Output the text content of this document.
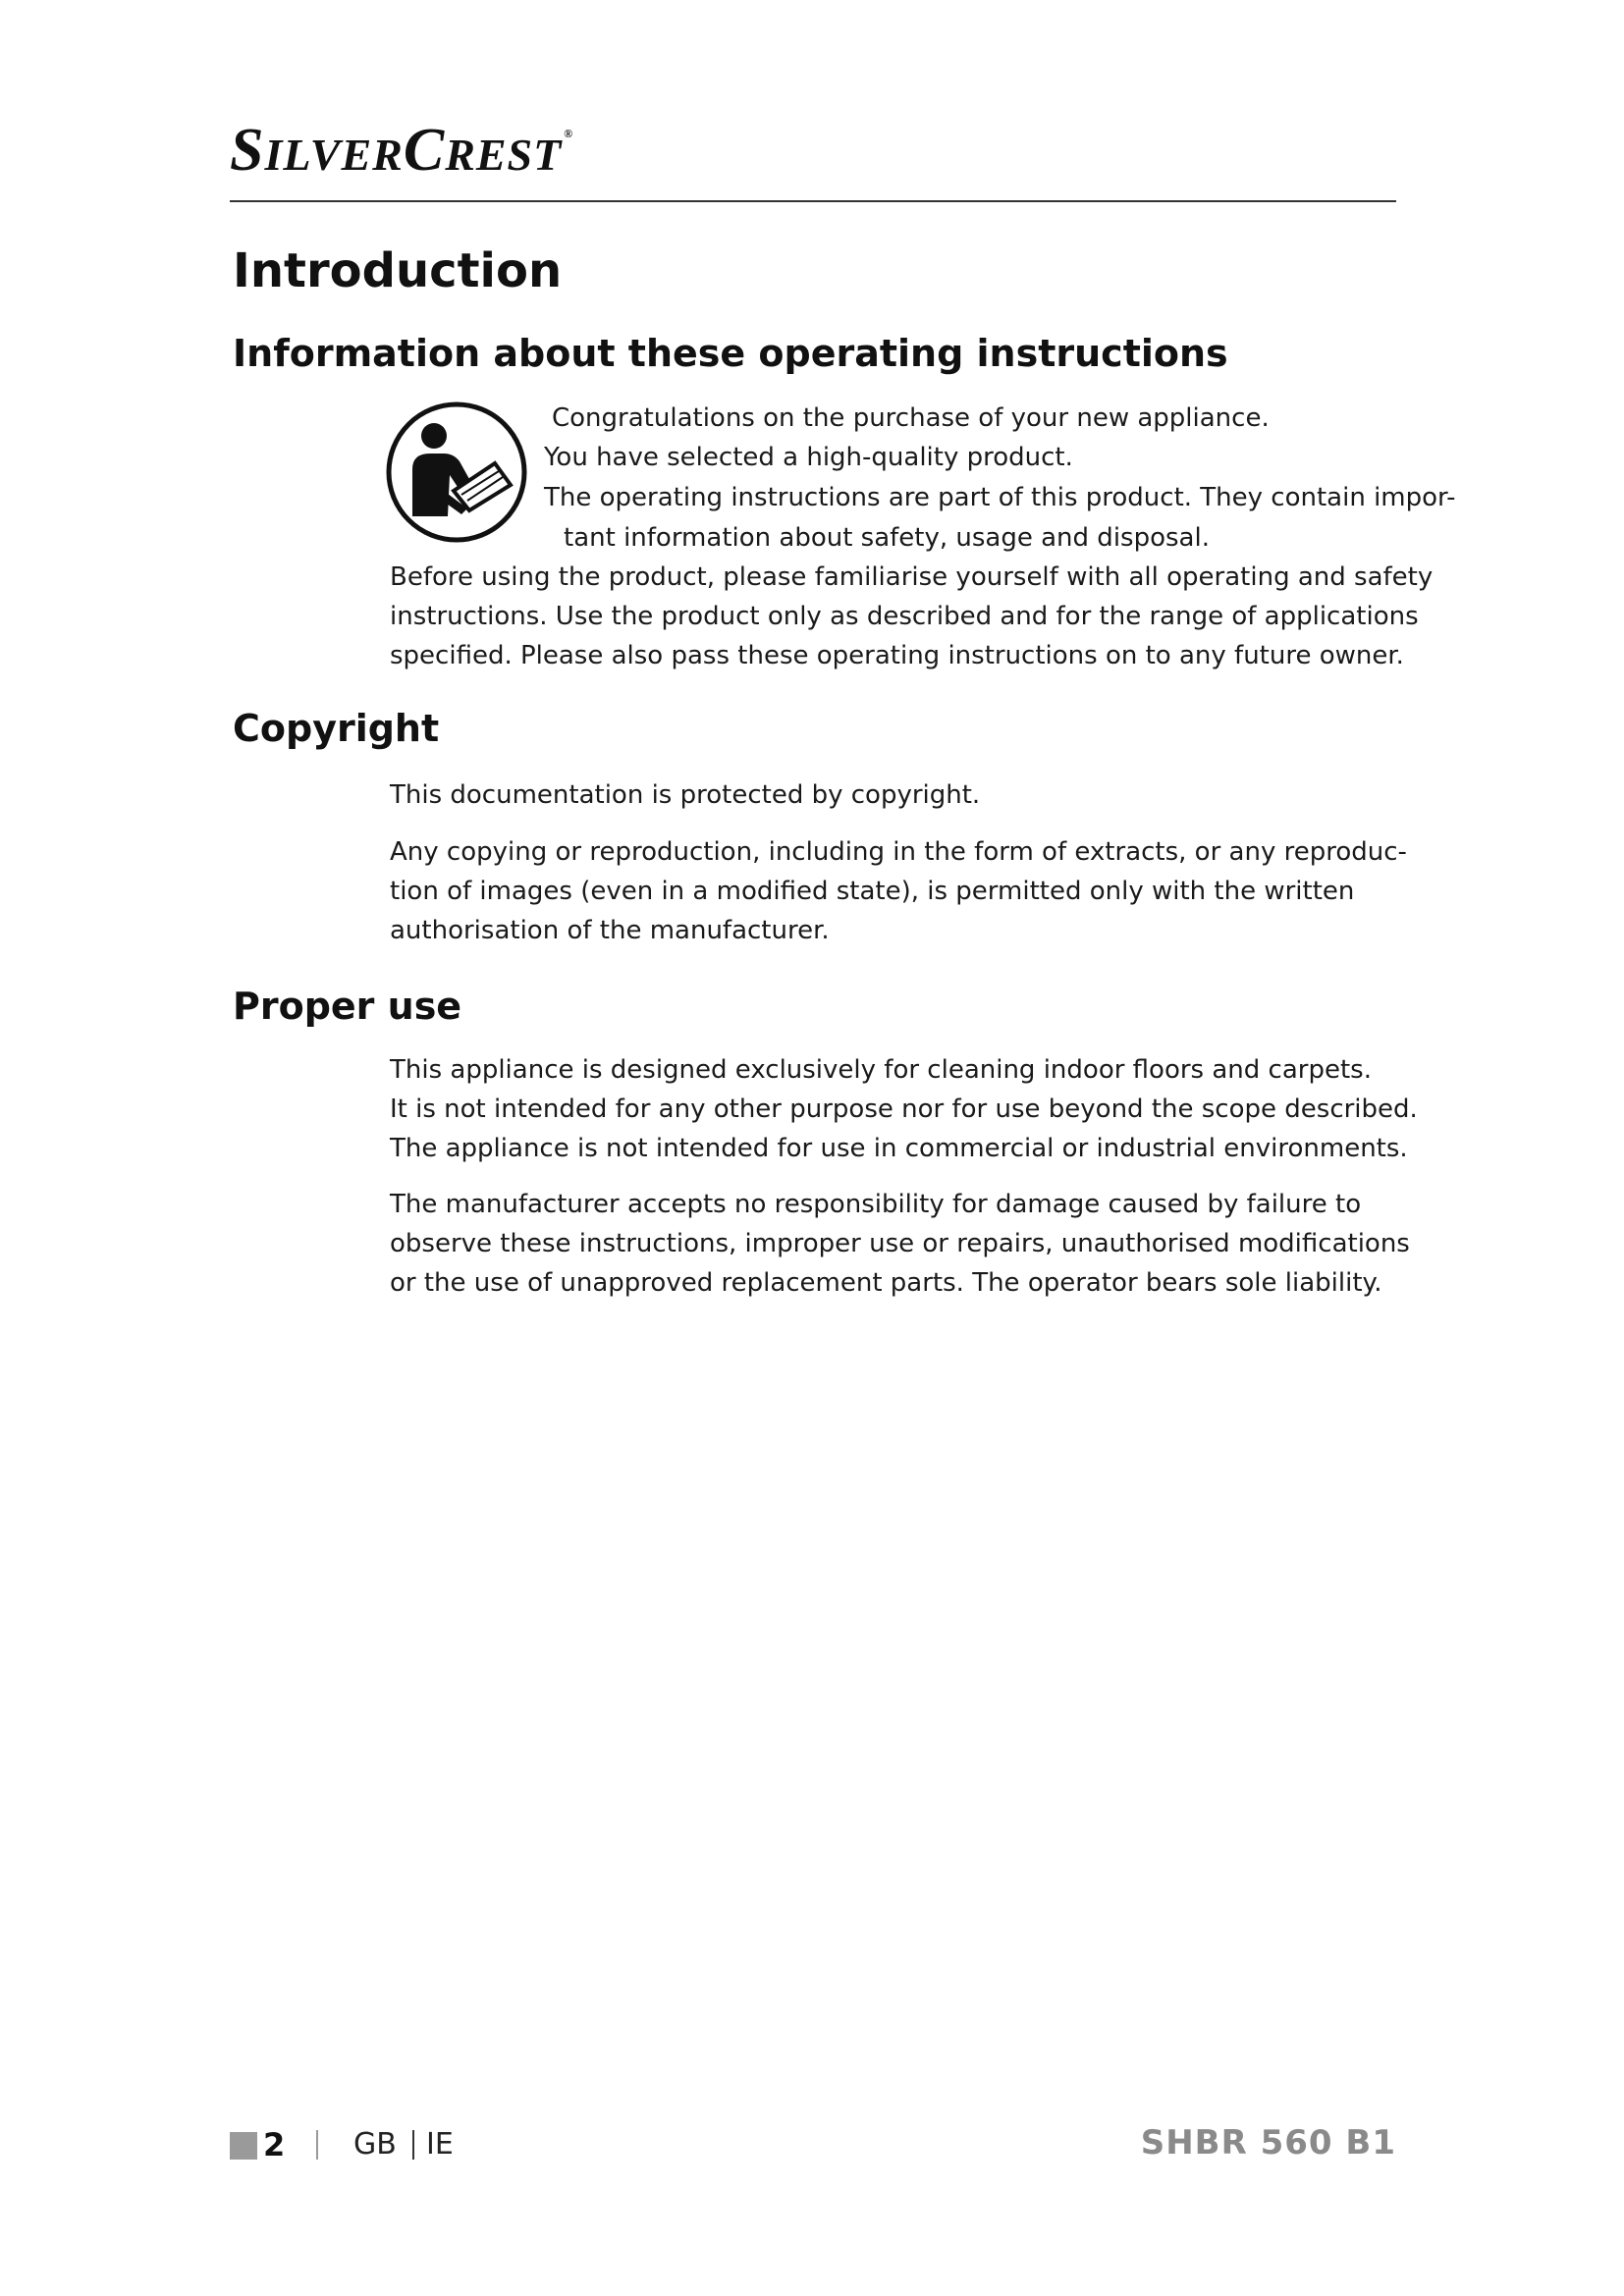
SILVERCREST ®
Introduction
Information about these operating instructions
Congratulations on the purchase of your new appliance.
You have selected a high-quality product.
The operating instructions are part of this product. They contain impor-
tant information about safety, usage and disposal.
Before using the product, please familiarise yourself with all operating and safety
instructions. Use the product only as described and for the range of applications
specified. Please also pass these operating instructions on to any future owner.
Copyright
This documentation is protected by copyright.
Any copying or reproduction, including in the form of extracts, or any reproduc-
tion of images (even in a modified state), is permitted only with the written
authorisation of the manufacturer.
Proper use
This appliance is designed exclusively for cleaning indoor floors and carpets.
It is not intended for any other purpose nor for use beyond the scope described.
The appliance is not intended for use in commercial or industrial environments.
The manufacturer accepts no responsibility for damage caused by failure to
observe these instructions, improper use or repairs, unauthorised modifications
or the use of unapproved replacement parts. The operator bears sole liability.
2 GB IE	SHBR 560 B1
